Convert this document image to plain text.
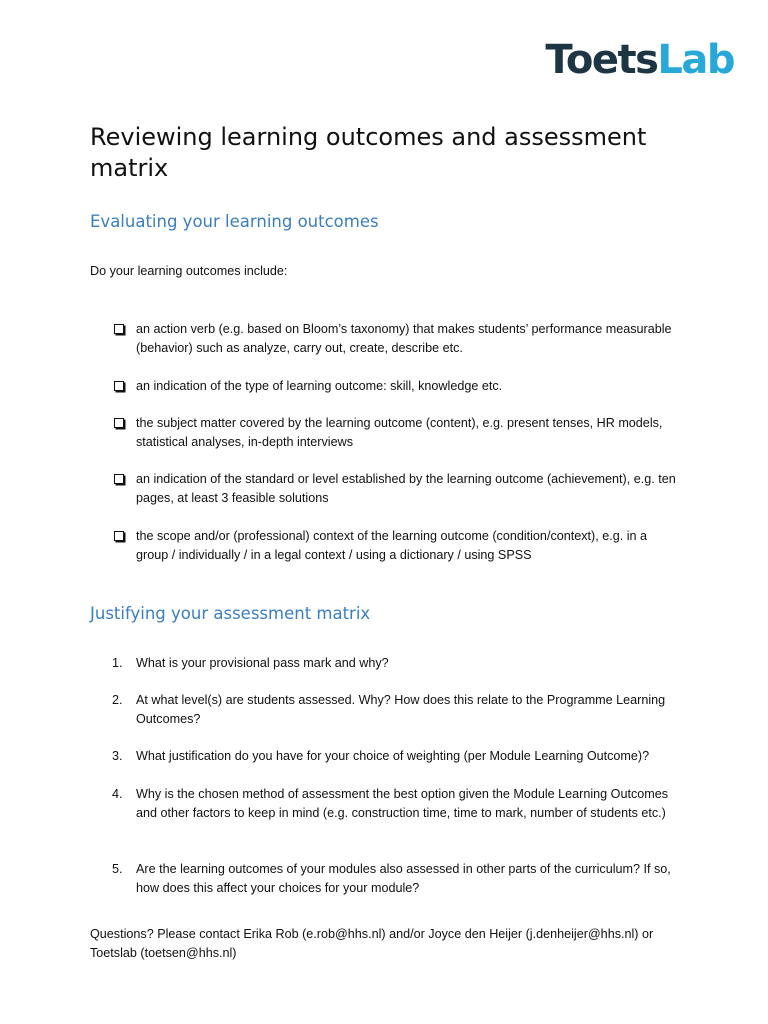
ToetsLab
Reviewing learning outcomes and assessment matrix
Evaluating your learning outcomes

Do your learning outcomes include:

an action verb (e.g. based on Bloom’s taxonomy) that makes students’ performance measurable (behavior) such as analyze, carry out, create, describe etc.
an indication of the type of learning outcome: skill, knowledge etc.
the subject matter covered by the learning outcome (content), e.g. present tenses, HR models, statistical analyses, in-depth interviews
an indication of the standard or level established by the learning outcome (achievement), e.g. ten pages, at least 3 feasible solutions
the scope and/or (professional) context of the learning outcome (condition/context), e.g. in a group / individually / in a legal context / using a dictionary / using SPSS
Justifying your assessment matrix
1.	What is your provisional pass mark and why?
2.	At what level(s) are students assessed. Why? How does this relate to the Programme Learning Outcomes?
3.	What justification do you have for your choice of weighting (per Module Learning Outcome)?
4.	Why is the chosen method of assessment the best option given the Module Learning Outcomes and other factors to keep in mind (e.g. construction time, time to mark, number of students etc.)
5.	Are the learning outcomes of your modules also assessed in other parts of the curriculum? If so, how does this affect your choices for your module?

Questions? Please contact Erika Rob (e.rob@hhs.nl) and/or Joyce den Heijer (j.denheijer@hhs.nl) or Toetslab (toetsen@hhs.nl)
